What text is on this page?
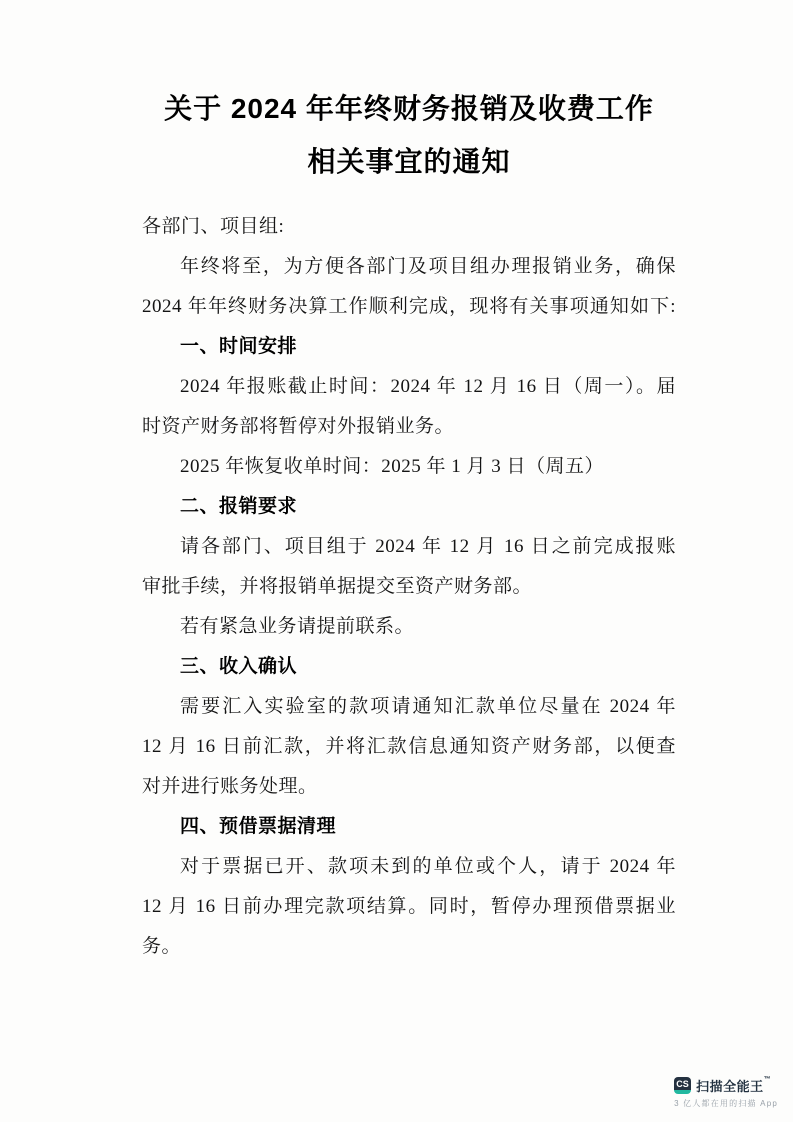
关于 2024 年年终财务报销及收费工作
相关事宜的通知
各部门、项目组:
年终将至，为方便各部门及项目组办理报销业务，确保
2024 年年终财务决算工作顺利完成，现将有关事项通知如下:
一、时间安排
2024 年报账截止时间：2024 年 12 月 16 日（周一）。届
时资产财务部将暂停对外报销业务。
2025 年恢复收单时间：2025 年 1 月 3 日（周五）
二、报销要求
请各部门、项目组于 2024 年 12 月 16 日之前完成报账
审批手续，并将报销单据提交至资产财务部。
若有紧急业务请提前联系。
三、收入确认
需要汇入实验室的款项请通知汇款单位尽量在 2024 年
12 月 16 日前汇款，并将汇款信息通知资产财务部，以便查
对并进行账务处理。
四、预借票据清理
对于票据已开、款项未到的单位或个人，请于 2024 年
12 月 16 日前办理完款项结算。同时，暂停办理预借票据业
务。
CS 扫描全能王™
3 亿人都在用的扫描 App
